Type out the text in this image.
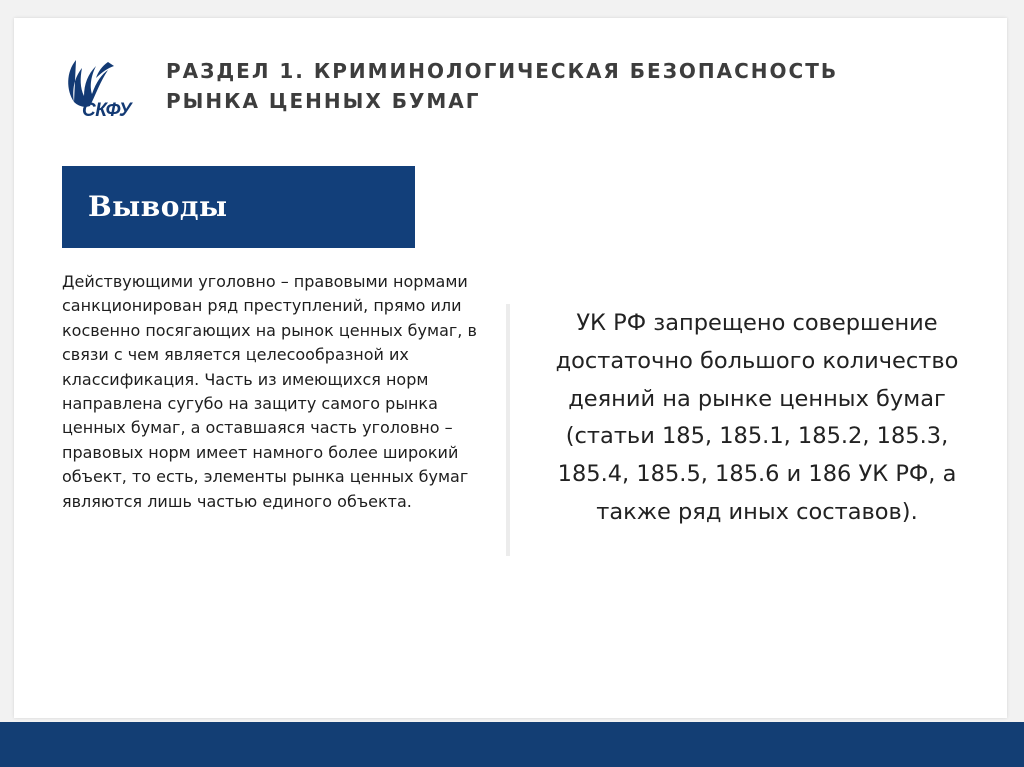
СКФУ
РАЗДЕЛ 1. КРИМИНОЛОГИЧЕСКАЯ БЕЗОПАСНОСТЬ РЫНКА ЦЕННЫХ БУМАГ
Выводы

Действующими уголовно – правовыми нормами санкционирован ряд преступлений, прямо или косвенно посягающих на рынок ценных бумаг, в связи с чем является целесообразной их классификация. Часть из имеющихся норм направлена сугубо на защиту самого рынка ценных бумаг, а оставшаяся часть уголовно – правовых норм имеет намного более широкий объект, то есть, элементы рынка ценных бумаг являются лишь частью единого объекта.

УК РФ запрещено совершение достаточно большого количество деяний на рынке ценных бумаг (статьи 185, 185.1, 185.2, 185.3, 185.4, 185.5, 185.6 и 186 УК РФ, а также ряд иных составов).
